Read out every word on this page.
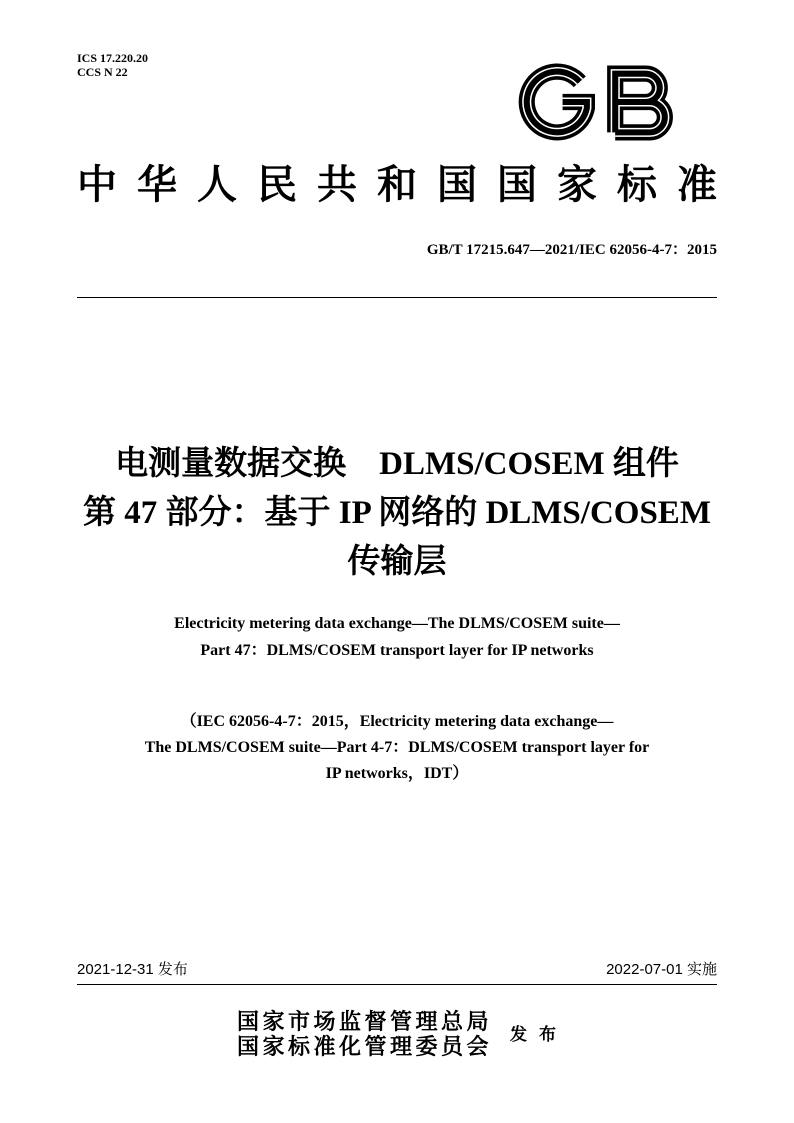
ICS 17.220.20
CCS N 22
中华人民共和国国家标准
GB/T 17215.647—2021/IEC 62056-4-7：2015
电测量数据交换　DLMS/COSEM 组件
第 47 部分：基于 IP 网络的 DLMS/COSEM
传输层
Electricity metering data exchange—The DLMS/COSEM suite—
Part 47：DLMS/COSEM transport layer for IP networks
（IEC 62056-4-7：2015，Electricity metering data exchange—
The DLMS/COSEM suite—Part 4-7：DLMS/COSEM transport layer for
IP networks，IDT）
2021-12-31 发布	2022-07-01 实施
国家市场监督管理总局
国家标准化管理委员会 发布
